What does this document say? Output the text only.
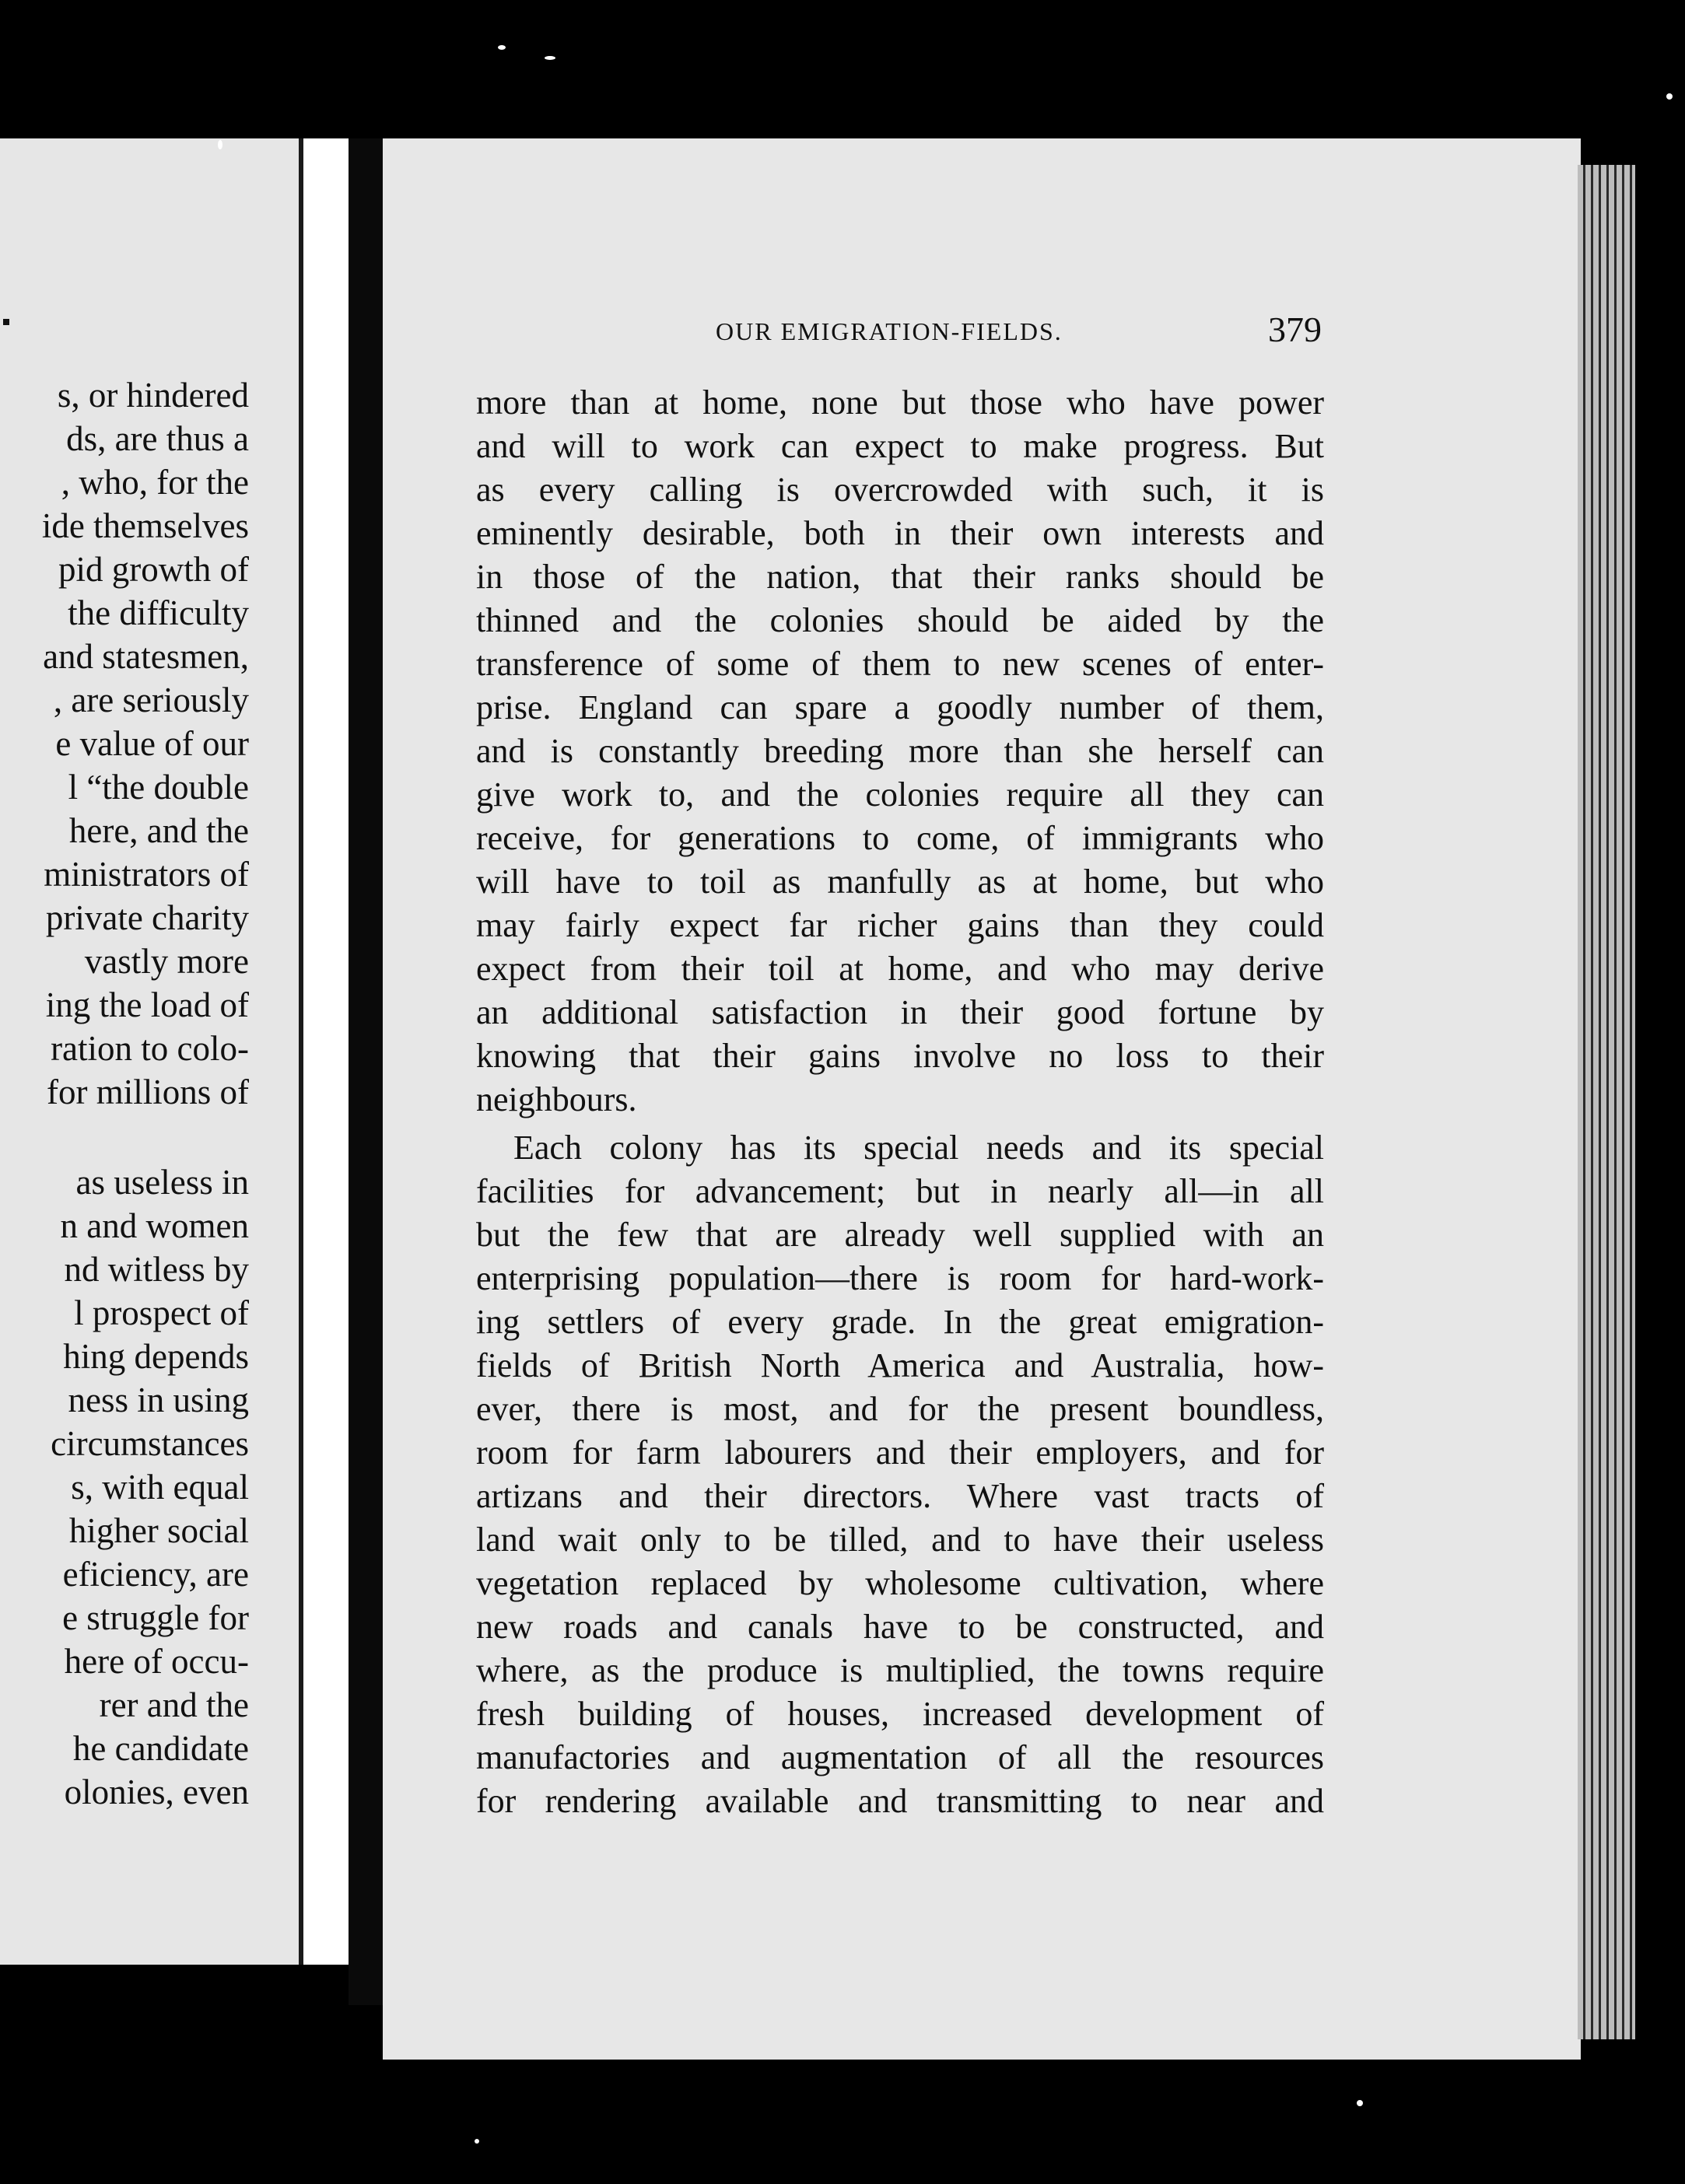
s, or hindered
ds, are thus a
, who, for the
ide themselves
pid growth of
the difficulty
and statesmen,
, are seriously
e value of our
l “the double
here, and the
ministrators of
private charity
vastly more
ing the load of
ration to colo-
for millions of
as useless in
n and women
nd witless by
l prospect of
hing depends
ness in using
circumstances
s, with equal
higher social
eficiency, are
e struggle for
here of occu-
rer and the
he candidate
olonies, even
OUR EMIGRATION-FIELDS.	379
more than at home, none but those who have power
and will to work can expect to make progress. But
as every calling is overcrowded with such, it is
eminently desirable, both in their own interests and
in those of the nation, that their ranks should be
thinned and the colonies should be aided by the
transference of some of them to new scenes of enter-
prise. England can spare a goodly number of them,
and is constantly breeding more than she herself can
give work to, and the colonies require all they can
receive, for generations to come, of immigrants who
will have to toil as manfully as at home, but who
may fairly expect far richer gains than they could
expect from their toil at home, and who may derive
an additional satisfaction in their good fortune by
knowing that their gains involve no loss to their
neighbours.
Each colony has its special needs and its special
facilities for advancement; but in nearly all—in all
but the few that are already well supplied with an
enterprising population—there is room for hard-work-
ing settlers of every grade. In the great emigration-
fields of British North America and Australia, how-
ever, there is most, and for the present boundless,
room for farm labourers and their employers, and for
artizans and their directors. Where vast tracts of
land wait only to be tilled, and to have their useless
vegetation replaced by wholesome cultivation, where
new roads and canals have to be constructed, and
where, as the produce is multiplied, the towns require
fresh building of houses, increased development of
manufactories and augmentation of all the resources
for rendering available and transmitting to near and
